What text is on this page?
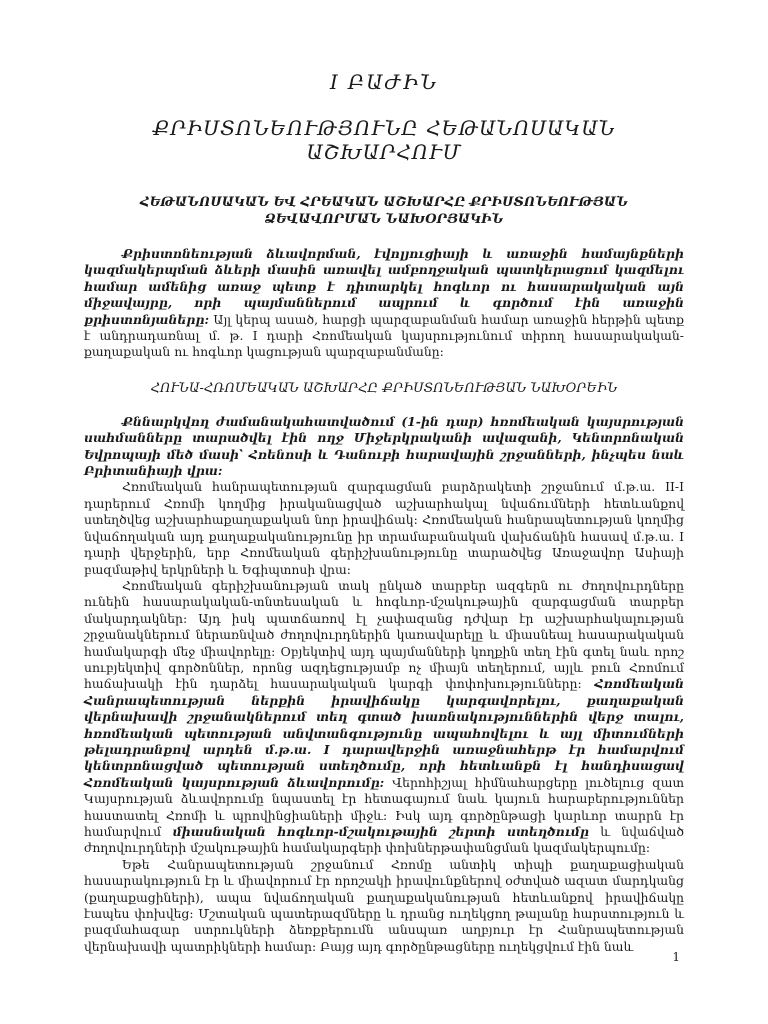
I ԲԱԺԻՆ
ՔՐԻՍՏՈՆԵՈՒԹՅՈՒՆԸ ՀԵԹԱՆՈՍԱԿԱՆ ԱՇԽԱՐՀՈՒՄ
ՀԵԹԱՆՈՍԱԿԱՆ ԵՎ ՀՐԵԱԿԱՆ ԱՇԽԱՐՀԸ ՔՐԻՍՏՈՆԵՈՒԹՅԱՆ
ՁԵՎԱՎՈՐՄԱՆ ՆԱԽՕՐՅԱԿԻՆ

Քրիստոնեության ձևավորման, էվոլյուցիայի և առաջին համայնքների կազմակերպման ձևերի մասին առավել ամբողջական պատկերացում կազմելու համար ամենից առաջ պետք է դիտարկել հոգևոր ու հասարակական այն միջավայրը, որի պայմաններում ապրում և գործում էին առաջին քրիստոնյաները: Այլ կերպ ասած, հարցի պարզաբանման համար առաջին հերթին պետք է անդրադառնալ մ. թ. I դարի Հռոմեական կայսրությունում տիրող հասարակական-քաղաքական ու հոգևոր կացության պարզաբանմանը:

ՀՈՒՆԱ-ՀՌՈՄԵԱԿԱՆ ԱՇԽԱՐՀԸ ՔՐԻՍՏՈՆԵՈՒԹՅԱՆ ՆԱԽՕՐԵԻՆ

Քննարկվող ժամանակահատվածում (1-ին դար) հռոմեական կայսրության սահմանները տարածվել էին ողջ Միջերկրականի ավազանի, Կենտրոնական Եվրոպայի մեծ մասի՝ Հռենոսի և Դանուբի հարավային շրջանների, ինչպես նաև Բրիտանիայի վրա:

Հռոմեական հանրապետության զարգացման բարձրակետի շրջանում մ.թ.ա. II-I դարերում Հռոմի կողմից իրականացված աշխարհակալ նվաճումների հետևանքով ստեղծվեց աշխարհաքաղաքական նոր իրավիճակ: Հռոմեական հանրապետության կողմից նվաճողական այդ քաղաքականությունը իր տրամաբանական վախճանին հասավ մ.թ.ա. I դարի վերջերին, երբ Հռոմեական գերիշխանությունը տարածվեց Առաջավոր Ասիայի բազմաթիվ երկրների և Եգիպտոսի վրա:

Հռոմեական գերիշխանության տակ ընկած տարբեր ազգերն ու ժողովուրդները ունեին հասարակական-տնտեսական և հոգևոր-մշակութային զարգացման տարբեր մակարդակներ: Այդ իսկ պատճառով էլ չափազանց դժվար էր աշխարհակալության շրջանակներում ներառնված ժողովուրդներին կառավարելը և միասնեալ հասարակական համակարգի մեջ միավորելը: Օբյեկտիվ այդ պայմանների կողքին տեղ էին գտել նաև որոշ սուբյեկտիվ գործոններ, որոնց ազդեցությամբ ոչ միայն տեղերում, այլև բուն Հռոմում հաճախակի էին դարձել հասարակական կարգի փոփոխությունները: Հռոմեական Հանրապետության ներքին իրավիճակը կարգավորելու, քաղաքական վերնախավի շրջանակներում տեղ գտած խառնակություններին վերջ տալու, հռոմեական պետության անվտանգությունը ապահովելու և այլ միտումների թելադրանքով արդեն մ.թ.ա. I դարավերջին առաջնահերթ էր համարվում կենտրոնացված պետության ստեղծումը, որի հետևանքն էլ հանդիսացավ Հռոմեական կայսրության ձևավորումը: Վերոհիշյալ հիմնահարցերը լուծելուց զատ Կայսրության ձևավորումը նպաստել էր հետագայում նաև կայուն հարաբերություններ հաստատել Հռոմի և պրովինցիաների միջև: Իսկ այդ գործընթացի կարևոր տարրն էր համարվում միասնական հոգևոր-մշակութային շերտի ստեղծումը և նվաճված ժողովուրդների մշակութային համակարգերի փոխներթափանցման կազմակերպումը:

Եթե Հանրապետության շրջանում Հռոմը անտիկ տիպի քաղաքացիական հասարակություն էր և միավորում էր որոշակի իրավունքներով օժտված ազատ մարդկանց (քաղաքացիների), ապա նվաճողական քաղաքականության հետևանքով իրավիճակը էապես փոխվեց: Մշտական պատերազմները և դրանց ուղեկցող թալանը հարստություն և բազմահազար ստրուկների ձեռքբերումն անսպառ աղբյուր էր Հանրապետության վերնախավի պատրիկների համար: Բայց այդ գործընթացները ուղեկցվում էին նաև

1
